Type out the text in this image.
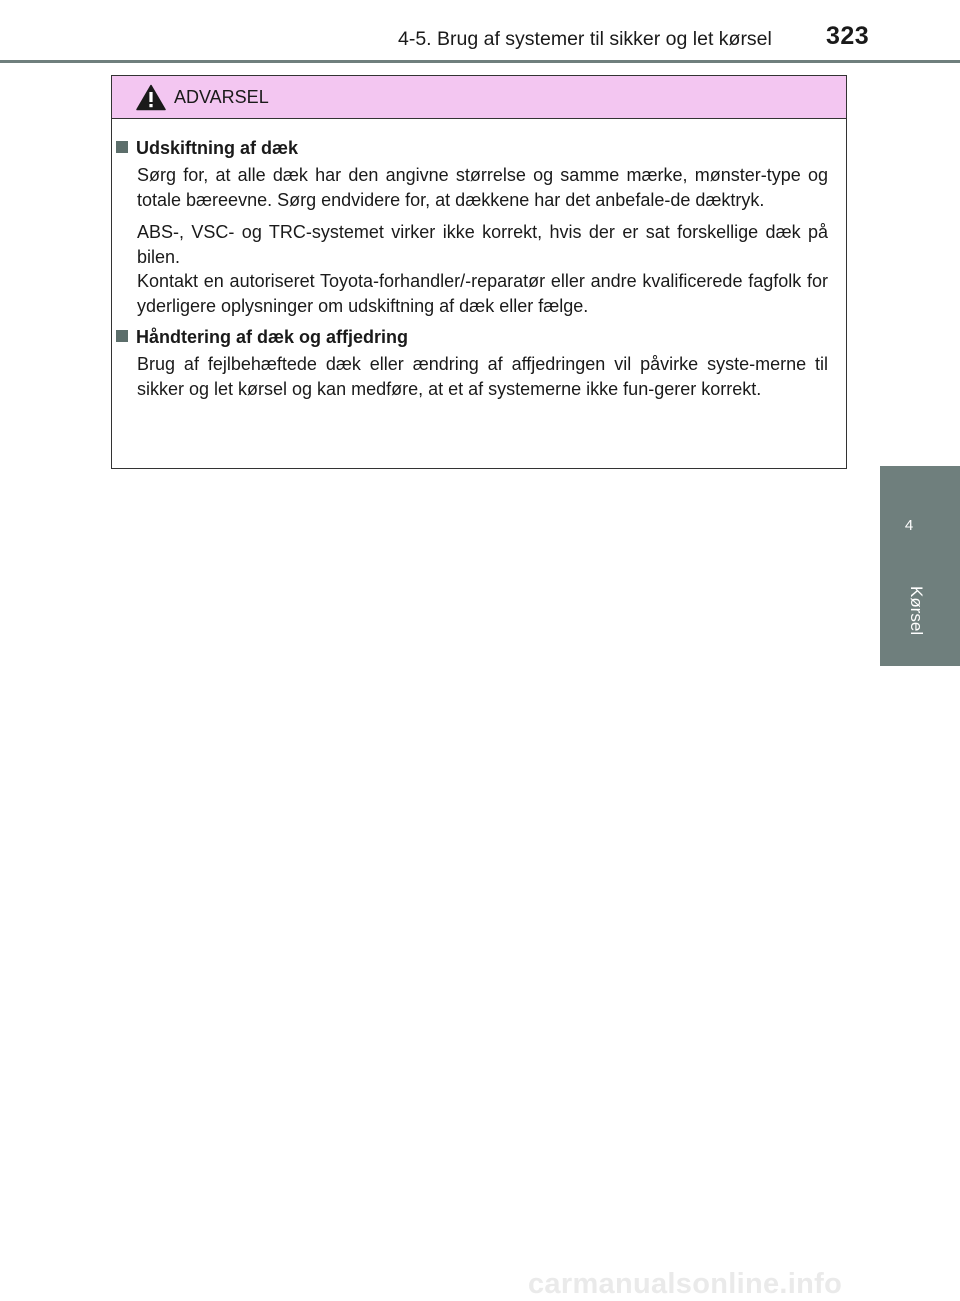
4-5. Brug af systemer til sikker og let kørsel 323
4
Kørsel
ADVARSEL
Udskiftning af dæk

Sørg for, at alle dæk har den angivne størrelse og samme mærke, mønster-type og totale bæreevne. Sørg endvidere for, at dækkene har det anbefale-de dæktryk.

ABS-, VSC- og TRC-systemet virker ikke korrekt, hvis der er sat forskellige dæk på bilen.

Kontakt en autoriseret Toyota-forhandler/-reparatør eller andre kvalificerede fagfolk for yderligere oplysninger om udskiftning af dæk eller fælge.

Håndtering af dæk og affjedring

Brug af fejlbehæftede dæk eller ændring af affjedringen vil påvirke syste-merne til sikker og let kørsel og kan medføre, at et af systemerne ikke fun-gerer korrekt.

carmanualsonline.info
